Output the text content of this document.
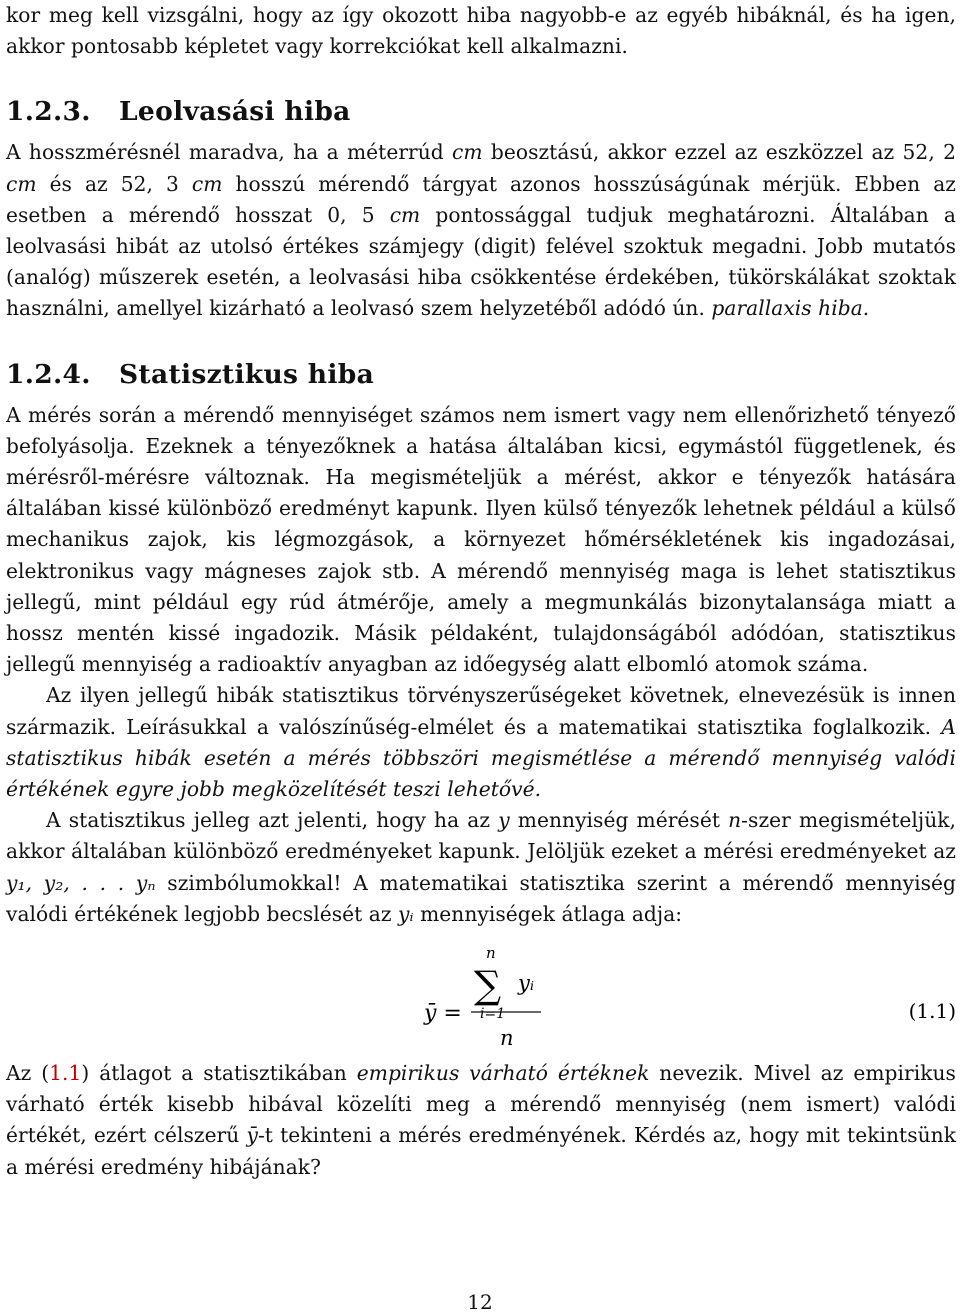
kor meg kell vizsgálni, hogy az így okozott hiba nagyobb-e az egyéb hibáknál, és ha igen, akkor pontosabb képletet vagy korrekciókat kell alkalmazni.

1.2.3. Leolvasási hiba

A hosszmérésnél maradva, ha a méterrúd cm beosztású, akkor ezzel az eszközzel az 52, 2 cm és az 52, 3 cm hosszú mérendő tárgyat azonos hosszúságúnak mérjük. Ebben az esetben a mérendő hosszat 0, 5 cm pontossággal tudjuk meghatározni. Általában a leolvasási hibát az utolsó értékes számjegy (digit) felével szoktuk megadni. Jobb mutatós (analóg) műszerek esetén, a leolvasási hiba csökkentése érdekében, tükörskálákat szoktak használni, amellyel kizárható a leolvasó szem helyzetéből adódó ún. parallaxis hiba.

1.2.4. Statisztikus hiba

A mérés során a mérendő mennyiséget számos nem ismert vagy nem ellenőrizhető tényező befolyásolja. Ezeknek a tényezőknek a hatása általában kicsi, egymástól függetlenek, és mérésről-mérésre változnak. Ha megismételjük a mérést, akkor e tényezők hatására általában kissé különböző eredményt kapunk. Ilyen külső tényezők lehetnek például a külső mechanikus zajok, kis légmozgások, a környezet hőmérsékletének kis ingadozásai, elektronikus vagy mágneses zajok stb. A mérendő mennyiség maga is lehet statisztikus jellegű, mint például egy rúd átmérője, amely a megmunkálás bizonytalansága miatt a hossz mentén kissé ingadozik. Másik példaként, tulajdonságából adódóan, statisztikus jellegű mennyiség a radioaktív anyagban az időegység alatt elbomló atomok száma.

Az ilyen jellegű hibák statisztikus törvényszerűségeket követnek, elnevezésük is innen származik. Leírásukkal a valószínűség-elmélet és a matematikai statisztika foglalkozik. A statisztikus hibák esetén a mérés többszöri megismétlése a mérendő mennyiség valódi értékének egyre jobb megközelítését teszi lehetővé.

A statisztikus jelleg azt jelenti, hogy ha az y mennyiség mérését n-szer megismételjük, akkor általában különböző eredményeket kapunk. Jelöljük ezeket a mérési eredményeket az y₁, y₂, . . . yₙ szimbólumokkal! A matematikai statisztika szerint a mérendő mennyiség valódi értékének legjobb becslését az yᵢ mennyiségek átlaga adja:

ȳ =
n
∑
i=1
yᵢ
n
(1.1)

Az (1.1) átlagot a statisztikában empirikus várható értéknek nevezik. Mivel az empirikus várható érték kisebb hibával közelíti meg a mérendő mennyiség (nem ismert) valódi értékét, ezért célszerű ȳ-t tekinteni a mérés eredményének. Kérdés az, hogy mit tekintsünk a mérési eredmény hibájának?

12
